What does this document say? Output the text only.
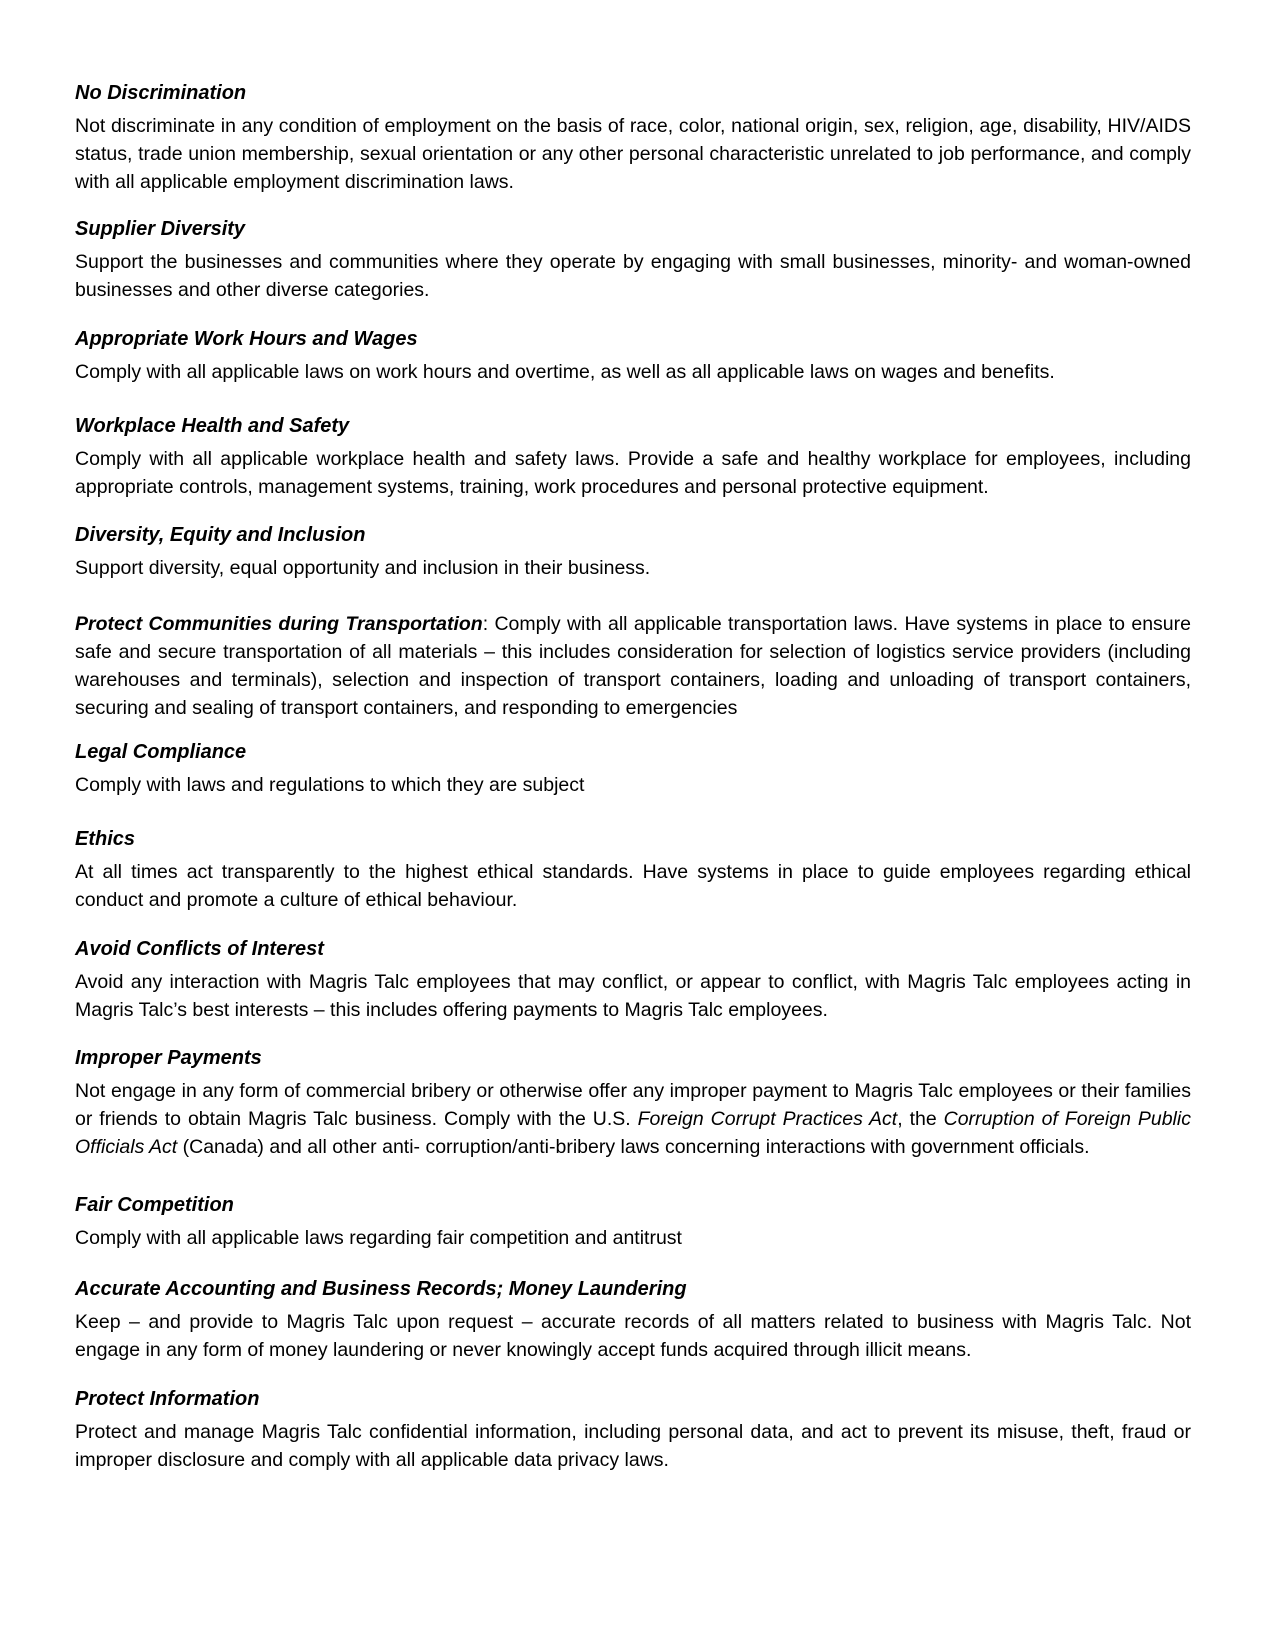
No Discrimination

Not discriminate in any condition of employment on the basis of race, color, national origin, sex, religion, age, disability, HIV/AIDS status, trade union membership, sexual orientation or any other personal characteristic unrelated to job performance, and comply with all applicable employment discrimination laws.

Supplier Diversity

Support the businesses and communities where they operate by engaging with small businesses, minority- and woman-owned businesses and other diverse categories.

Appropriate Work Hours and Wages

Comply with all applicable laws on work hours and overtime, as well as all applicable laws on wages and benefits.

Workplace Health and Safety

Comply with all applicable workplace health and safety laws. Provide a safe and healthy workplace for employees, including appropriate controls, management systems, training, work procedures and personal protective equipment.

Diversity, Equity and Inclusion

Support diversity, equal opportunity and inclusion in their business.

Protect Communities during Transportation: Comply with all applicable transportation laws. Have systems in place to ensure safe and secure transportation of all materials – this includes consideration for selection of logistics service providers (including warehouses and terminals), selection and inspection of transport containers, loading and unloading of transport containers, securing and sealing of transport containers, and responding to emergencies

Legal Compliance

Comply with laws and regulations to which they are subject

Ethics

At all times act transparently to the highest ethical standards. Have systems in place to guide employees regarding ethical conduct and promote a culture of ethical behaviour.

Avoid Conflicts of Interest

Avoid any interaction with Magris Talc employees that may conflict, or appear to conflict, with Magris Talc employees acting in Magris Talc’s best interests – this includes offering payments to Magris Talc employees.

Improper Payments

Not engage in any form of commercial bribery or otherwise offer any improper payment to Magris Talc employees or their families or friends to obtain Magris Talc business. Comply with the U.S. Foreign Corrupt Practices Act, the Corruption of Foreign Public Officials Act (Canada) and all other anti- corruption/anti-bribery laws concerning interactions with government officials.

Fair Competition

Comply with all applicable laws regarding fair competition and antitrust

Accurate Accounting and Business Records; Money Laundering

Keep – and provide to Magris Talc upon request – accurate records of all matters related to business with Magris Talc. Not engage in any form of money laundering or never knowingly accept funds acquired through illicit means.

Protect Information

Protect and manage Magris Talc confidential information, including personal data, and act to prevent its misuse, theft, fraud or improper disclosure and comply with all applicable data privacy laws.
